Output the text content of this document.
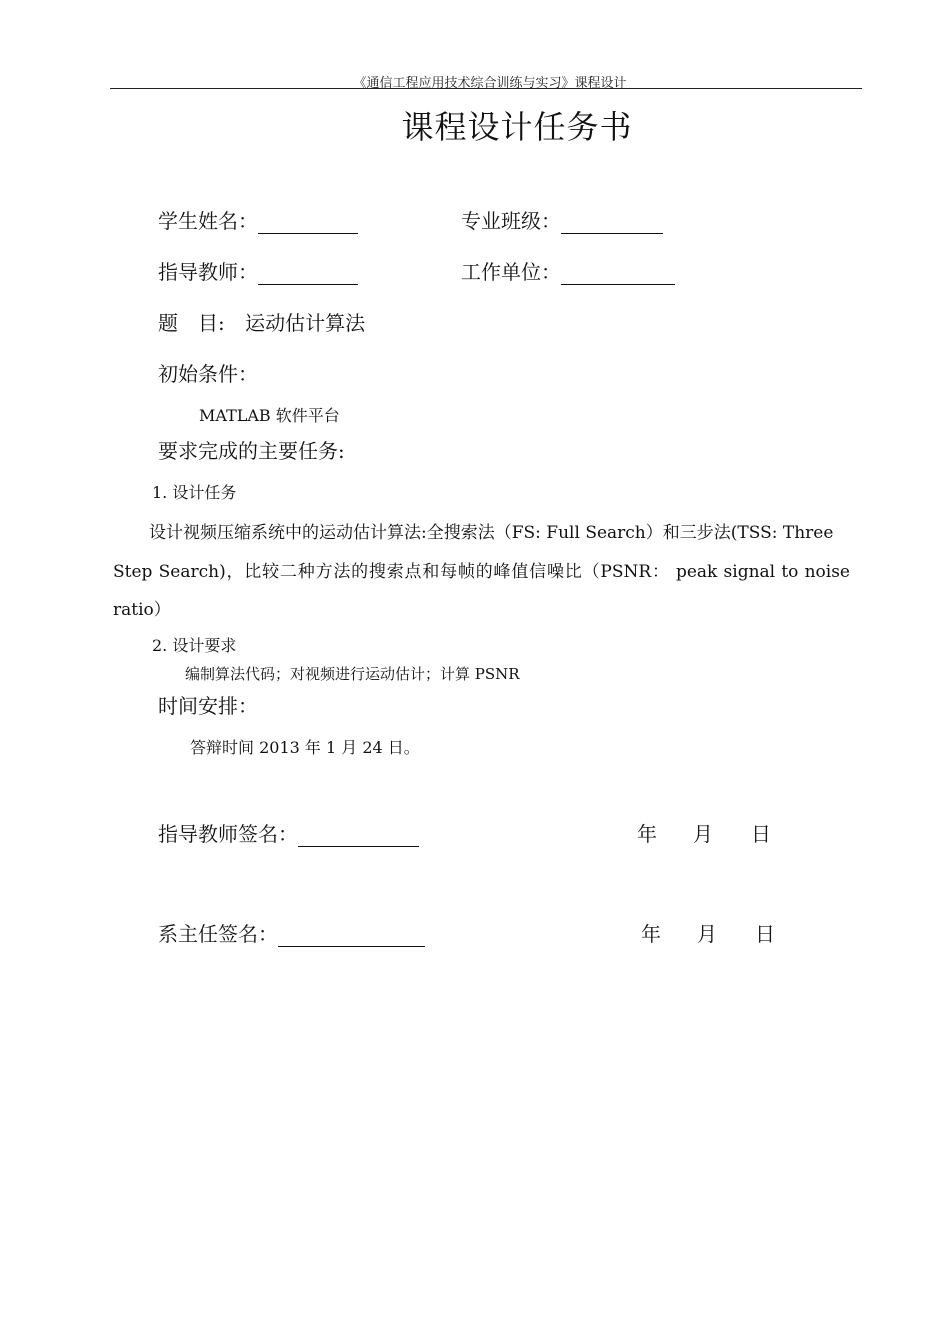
《通信工程应用技术综合训练与实习》课程设计
课程设计任务书
学生姓名：	专业班级：
指导教师：	工作单位：
题　目: 运动估计算法
初始条件：
MATLAB 软件平台
要求完成的主要任务:
1. 设计任务
设计视频压缩系统中的运动估计算法:全搜索法（FS: Full Search）和三步法(TSS: Three
Step Search)，比较二种方法的搜索点和每帧的峰值信噪比（PSNR： peak signal to noise
ratio）
2. 设计要求
编制算法代码；对视频进行运动估计；计算 PSNR
时间安排：
答辩时间 2013 年 1 月 24 日。
指导教师签名：	年 月 日
系主任签名：	年 月 日
